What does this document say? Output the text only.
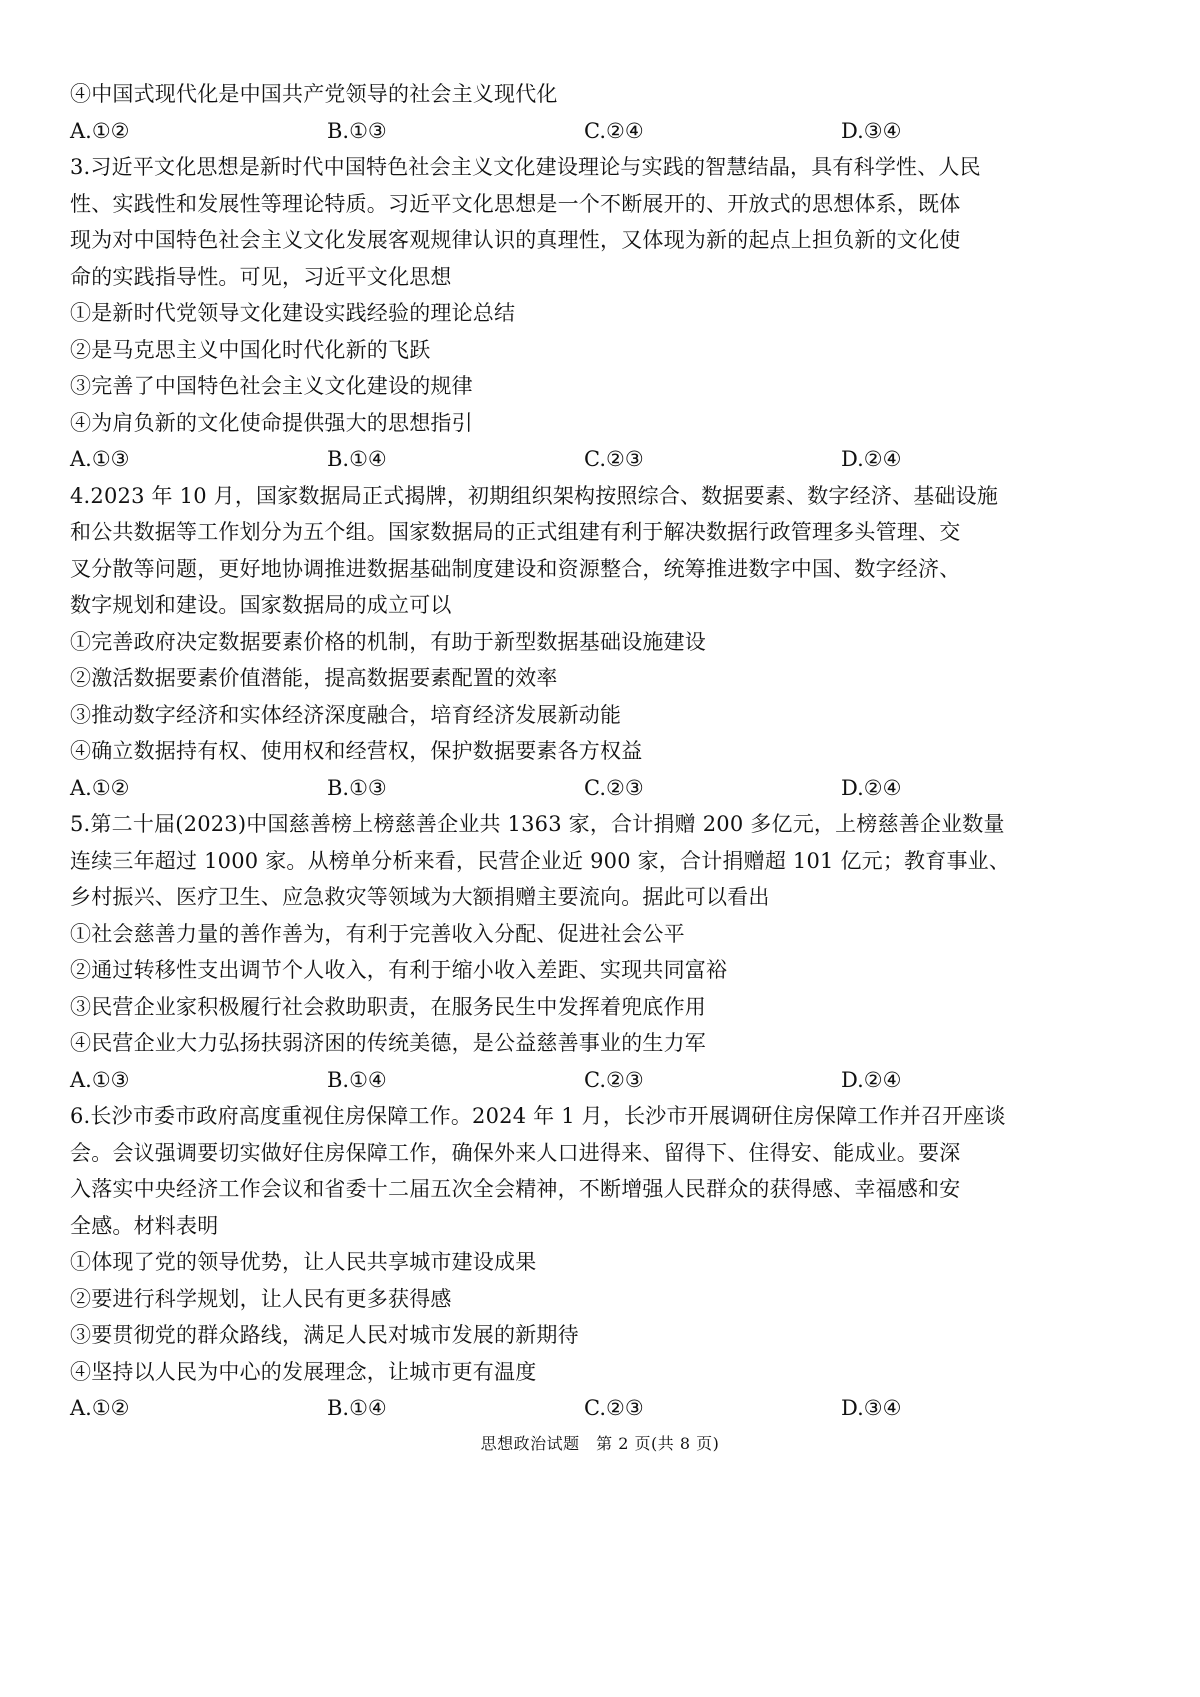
④中国式现代化是中国共产党领导的社会主义现代化
A.①②	B.①③	C.②④	D.③④
3.习近平文化思想是新时代中国特色社会主义文化建设理论与实践的智慧结晶，具有科学性、人民
性、实践性和发展性等理论特质。习近平文化思想是一个不断展开的、开放式的思想体系，既体
现为对中国特色社会主义文化发展客观规律认识的真理性，又体现为新的起点上担负新的文化使
命的实践指导性。可见，习近平文化思想
①是新时代党领导文化建设实践经验的理论总结
②是马克思主义中国化时代化新的飞跃
③完善了中国特色社会主义文化建设的规律
④为肩负新的文化使命提供强大的思想指引
A.①③	B.①④	C.②③	D.②④
4.2023 年 10 月，国家数据局正式揭牌，初期组织架构按照综合、数据要素、数字经济、基础设施
和公共数据等工作划分为五个组。国家数据局的正式组建有利于解决数据行政管理多头管理、交
叉分散等问题，更好地协调推进数据基础制度建设和资源整合，统筹推进数字中国、数字经济、
数字规划和建设。国家数据局的成立可以
①完善政府决定数据要素价格的机制，有助于新型数据基础设施建设
②激活数据要素价值潜能，提高数据要素配置的效率
③推动数字经济和实体经济深度融合，培育经济发展新动能
④确立数据持有权、使用权和经营权，保护数据要素各方权益
A.①②	B.①③	C.②③	D.②④
5.第二十届(2023)中国慈善榜上榜慈善企业共 1363 家，合计捐赠 200 多亿元，上榜慈善企业数量
连续三年超过 1000 家。从榜单分析来看，民营企业近 900 家，合计捐赠超 101 亿元；教育事业、
乡村振兴、医疗卫生、应急救灾等领域为大额捐赠主要流向。据此可以看出
①社会慈善力量的善作善为，有利于完善收入分配、促进社会公平
②通过转移性支出调节个人收入，有利于缩小收入差距、实现共同富裕
③民营企业家积极履行社会救助职责，在服务民生中发挥着兜底作用
④民营企业大力弘扬扶弱济困的传统美德，是公益慈善事业的生力军
A.①③	B.①④	C.②③	D.②④
6.长沙市委市政府高度重视住房保障工作。2024 年 1 月，长沙市开展调研住房保障工作并召开座谈
会。会议强调要切实做好住房保障工作，确保外来人口进得来、留得下、住得安、能成业。要深
入落实中央经济工作会议和省委十二届五次全会精神，不断增强人民群众的获得感、幸福感和安
全感。材料表明
①体现了党的领导优势，让人民共享城市建设成果
②要进行科学规划，让人民有更多获得感
③要贯彻党的群众路线，满足人民对城市发展的新期待
④坚持以人民为中心的发展理念，让城市更有温度
A.①②	B.①④	C.②③	D.③④
思想政治试题　第 2 页(共 8 页)
